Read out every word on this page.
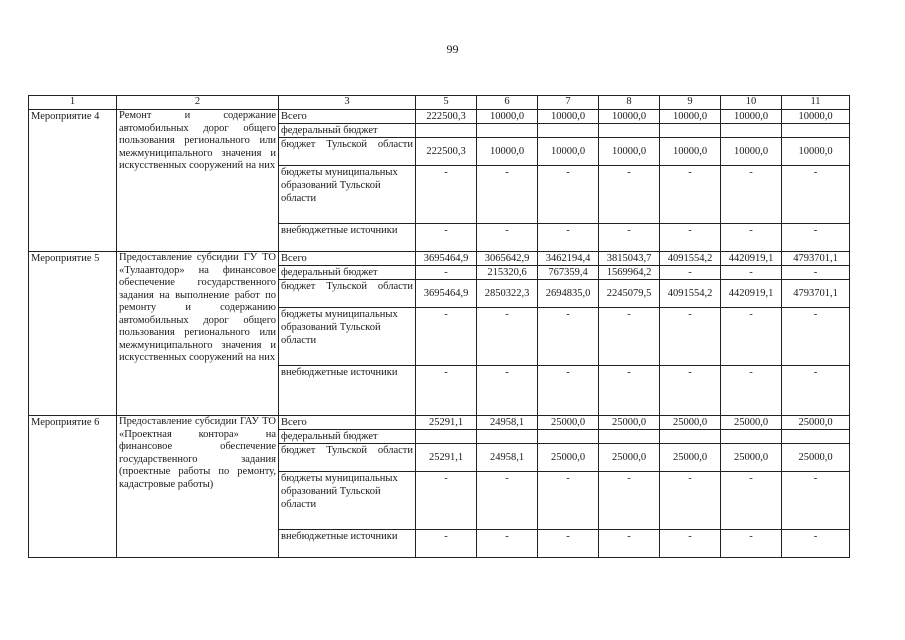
99
1	2	3	5	6	7	8	9	10	11
Мероприятие 4	Ремонт и содержание автомобильных дорог общего пользования регионального или межмуниципального значения и искусственных сооружений на них	Всего	222500,3	10000,0	10000,0	10000,0	10000,0	10000,0	10000,0
		федеральный бюджет							
		бюджет Тульской области	222500,3	10000,0	10000,0	10000,0	10000,0	10000,0	10000,0
		бюджеты муниципальных образований Тульской области	-	-	-	-	-	-	-
		внебюджетные источники	-	-	-	-	-	-	-
Мероприятие 5	Предоставление субсидии ГУ ТО «Тулаавтодор» на финансовое обеспечение государственного задания на выполнение работ по ремонту и содержанию автомобильных дорог общего пользования регионального или межмуниципального значения и искусственных сооружений на них	Всего	3695464,9	3065642,9	3462194,4	3815043,7	4091554,2	4420919,1	4793701,1
		федеральный бюджет	-	215320,6	767359,4	1569964,2	-	-	-
		бюджет Тульской области	3695464,9	2850322,3	2694835,0	2245079,5	4091554,2	4420919,1	4793701,1
		бюджеты муниципальных образований Тульской области	-	-	-	-	-	-	-
		внебюджетные источники	-	-	-	-	-	-	-
Мероприятие 6	Предоставление субсидии ГАУ ТО «Проектная контора» на финансовое обеспечение государственного задания (проектные работы по ремонту, кадастровые работы)	Всего	25291,1	24958,1	25000,0	25000,0	25000,0	25000,0	25000,0
		федеральный бюджет							
		бюджет Тульской области	25291,1	24958,1	25000,0	25000,0	25000,0	25000,0	25000,0
		бюджеты муниципальных образований Тульской области	-	-	-	-	-	-	-
		внебюджетные источники	-	-	-	-	-	-	-
